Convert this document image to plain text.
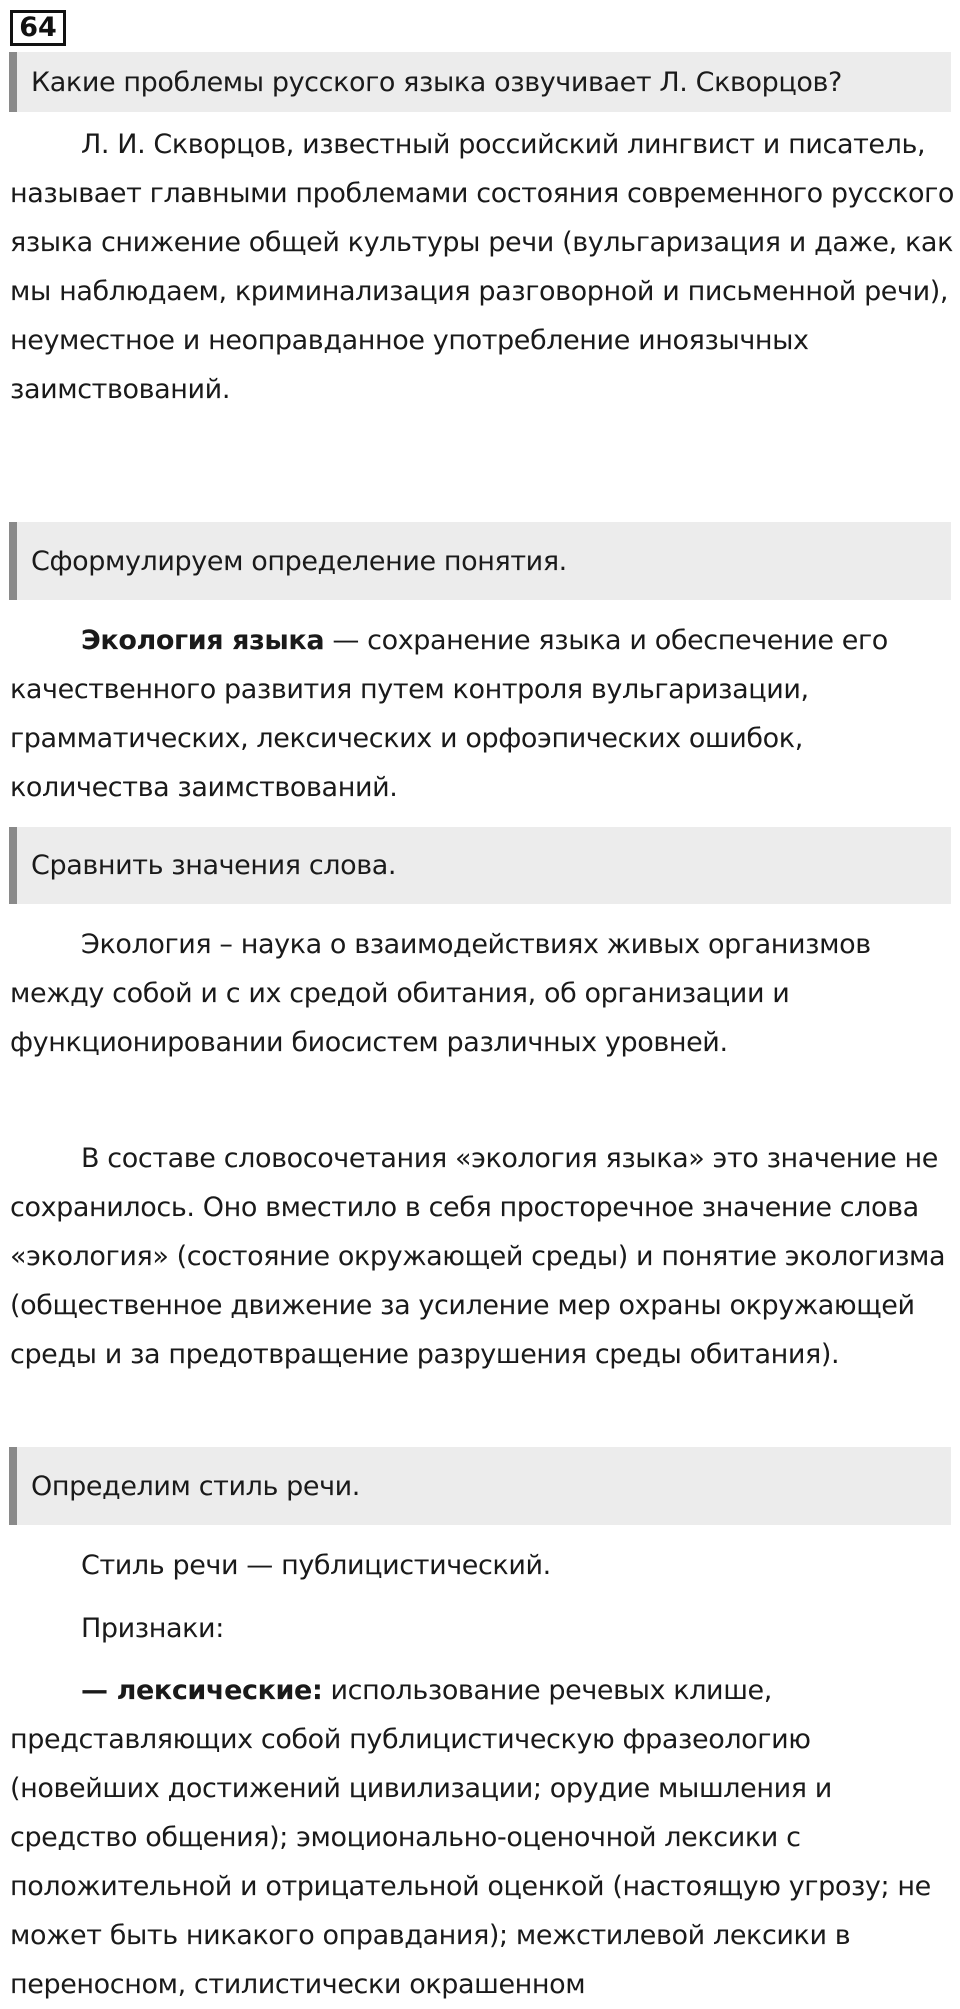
64
Какие проблемы русского языка озвучивает Л. Скворцов?

Л. И. Скворцов, известный российский лингвист и писатель, называет главными проблемами состояния современного русского языка снижение общей культуры речи (вульгаризация и даже, как мы наблюдаем, криминализация разговорной и письменной речи), неуместное и неоправданное употребление иноязычных заимствований.

Сформулируем определение понятия.

Экология языка — сохранение языка и обеспечение его качественного развития путем контроля вульгаризации, грамматических, лексических и орфоэпических ошибок, количества заимствований.

Сравнить значения слова.

Экология – наука о взаимодействиях живых организмов между собой и с их средой обитания, об организации и функционировании биосистем различных уровней.

В составе словосочетания «экология языка» это значение не сохранилось. Оно вместило в себя просторечное значение слова «экология» (состояние окружающей среды) и понятие экологизма (общественное движение за усиление мер охраны окружающей среды и за предотвращение разрушения среды обитания).

Определим стиль речи.

Стиль речи — публицистический.

Признаки:

— лексические: использование речевых клише, представляющих собой публицистическую фразеологию (новейших достижений цивилизации; орудие мышления и средство общения); эмоционально-оценочной лексики с положительной и отрицательной оценкой (настоящую угрозу; не может быть никакого оправдания); межстилевой лексики в переносном, стилистически окрашенном
